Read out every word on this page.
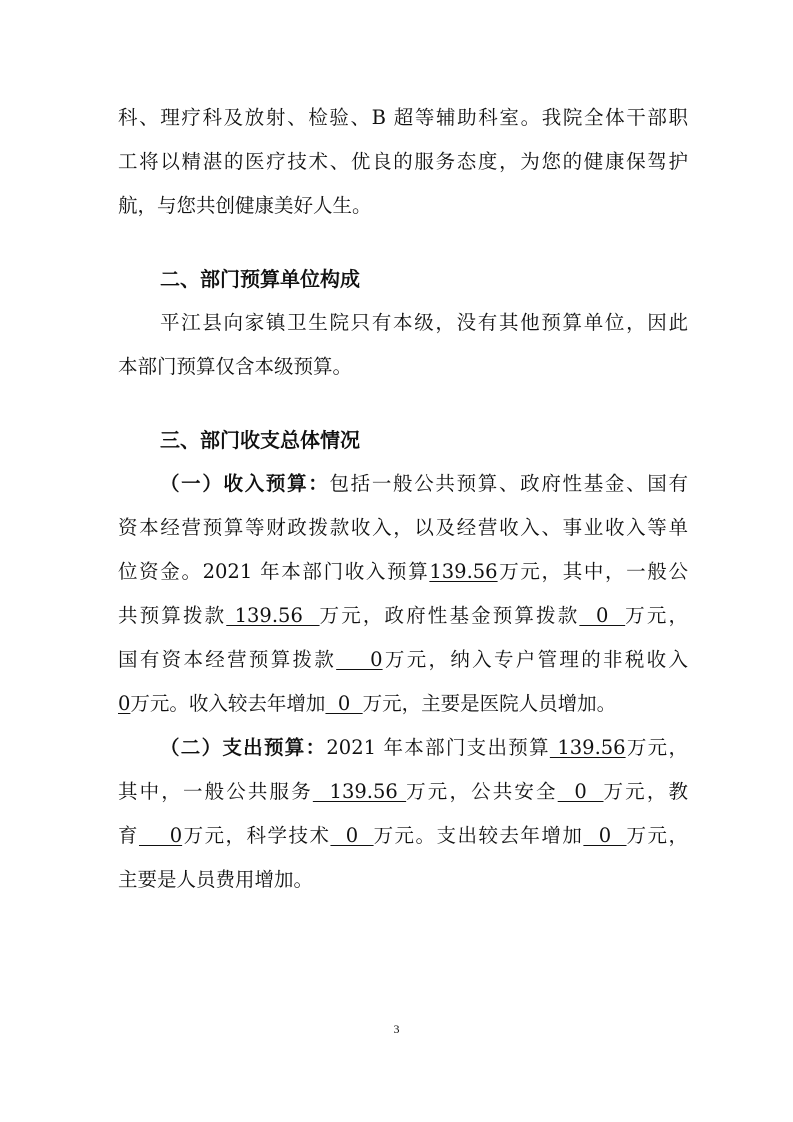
科、理疗科及放射、检验、B 超等辅助科室。我院全体干部职
工将以精湛的医疗技术、优良的服务态度，为您的健康保驾护
航，与您共创健康美好人生。
二、部门预算单位构成
平江县向家镇卫生院只有本级，没有其他预算单位，因此
本部门预算仅含本级预算。
三、部门收支总体情况
（一）收入预算：包括一般公共预算、政府性基金、国有
资本经营预算等财政拨款收入，以及经营收入、事业收入等单
位资金。2021 年本部门收入预算139.56万元，其中，一般公
共预算拨款 139.56  万元，政府性基金预算拨款  0  万元，
国有资本经营预算拨款    0万元，纳入专户管理的非税收入
0万元。收入较去年增加  0  万元，主要是医院人员增加。
（二）支出预算：2021 年本部门支出预算 139.56万元，
其中，一般公共服务  139.56 万元，公共安全  0  万元，教
育    0万元，科学技术  0  万元。支出较去年增加  0  万元，
主要是人员费用增加。
3
